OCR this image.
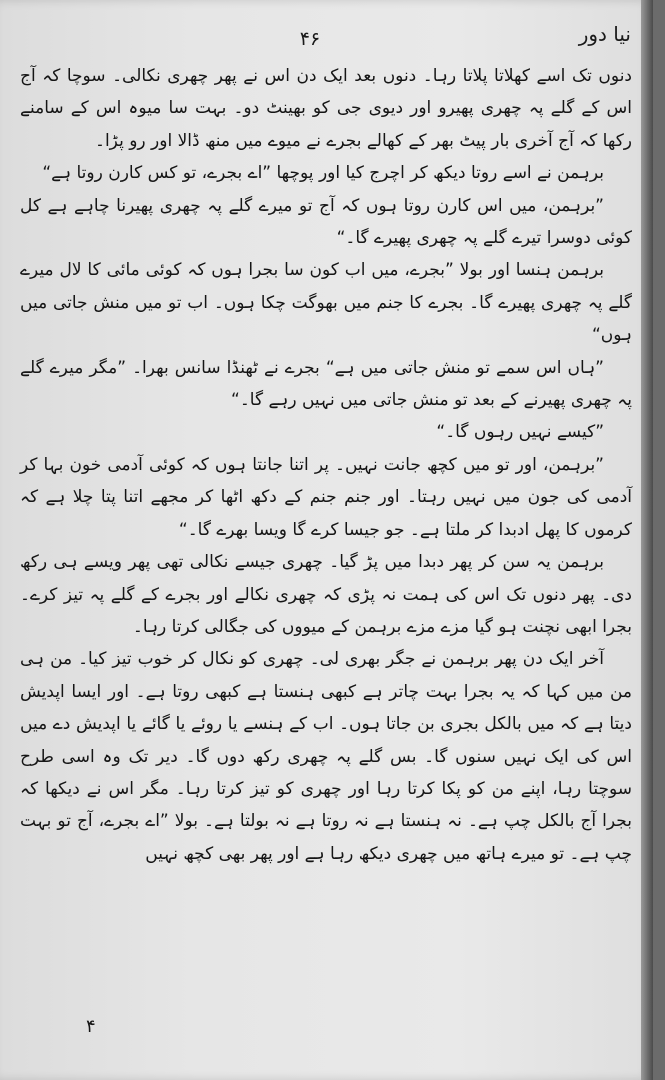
۴۶	نیا دور

دنوں تک اسے کھلاتا پلاتا رہا۔ دنوں بعد ایک دن اس نے پھر چھری نکالی۔ سوچا کہ آج اس کے گلے پہ چھری پھیرو اور دیوی جی کو بھینٹ دو۔ بہت سا میوہ اس کے سامنے رکھا کہ آج آخری بار پیٹ بھر کے کھالے بجرے نے میوے میں منھ ڈالا اور رو پڑا۔

برہمن نے اسے روتا دیکھ کر اچرج کیا اور پوچھا ”اے بجرے، تو کس کارن روتا ہے“

”برہمن، میں اس کارن روتا ہوں کہ آج تو میرے گلے پہ چھری پھیرنا چاہے ہے کل کوئی دوسرا تیرے گلے پہ چھری پھیرے گا۔“

برہمن ہنسا اور بولا ”بجرے، میں اب کون سا بجرا ہوں کہ کوئی مائی کا لال میرے گلے پہ چھری پھیرے گا۔ بجرے کا جنم میں بھوگت چکا ہوں۔ اب تو میں منش جاتی میں ہوں“

”ہاں اس سمے تو منش جاتی میں ہے“ بجرے نے ٹھنڈا سانس بھرا۔ ”مگر میرے گلے پہ چھری پھیرنے کے بعد تو منش جاتی میں نہیں رہے گا۔“

”کیسے نہیں رہوں گا۔“

”برہمن، اور تو میں کچھ جانت نہیں۔ پر اتنا جانتا ہوں کہ کوئی آدمی خون بہا کر آدمی کی جون میں نہیں رہتا۔ اور جنم جنم کے دکھ اٹھا کر مجھے اتنا پتا چلا ہے کہ کرموں کا پھل ادبدا کر ملتا ہے۔ جو جیسا کرے گا ویسا بھرے گا۔“

برہمن یہ سن کر پھر دبدا میں پڑ گیا۔ چھری جیسے نکالی تھی پھر ویسے ہی رکھ دی۔ پھر دنوں تک اس کی ہمت نہ پڑی کہ چھری نکالے اور بجرے کے گلے پہ تیز کرے۔ بجرا ابھی نچنت ہو گیا مزے مزے برہمن کے میووں کی جگالی کرتا رہا۔

آخر ایک دن پھر برہمن نے جگر بھری لی۔ چھری کو نکال کر خوب تیز کیا۔ من ہی من میں کہا کہ یہ بجرا بہت چاتر ہے کبھی ہنستا ہے کبھی روتا ہے۔ اور ایسا اپدیش دیتا ہے کہ میں بالکل بجری بن جاتا ہوں۔ اب کے ہنسے یا روئے یا گائے یا اپدیش دے میں اس کی ایک نہیں سنوں گا۔ بس گلے پہ چھری رکھ دوں گا۔ دیر تک وہ اسی طرح سوچتا رہا، اپنے من کو پکا کرتا رہا اور چھری کو تیز کرتا رہا۔ مگر اس نے دیکھا کہ بجرا آج بالکل چپ ہے۔ نہ ہنستا ہے نہ روتا ہے نہ بولتا ہے۔ بولا ”اے بجرے، آج تو بہت چپ ہے۔ تو میرے ہاتھ میں چھری دیکھ رہا ہے اور پھر بھی کچھ نہیں

۴
